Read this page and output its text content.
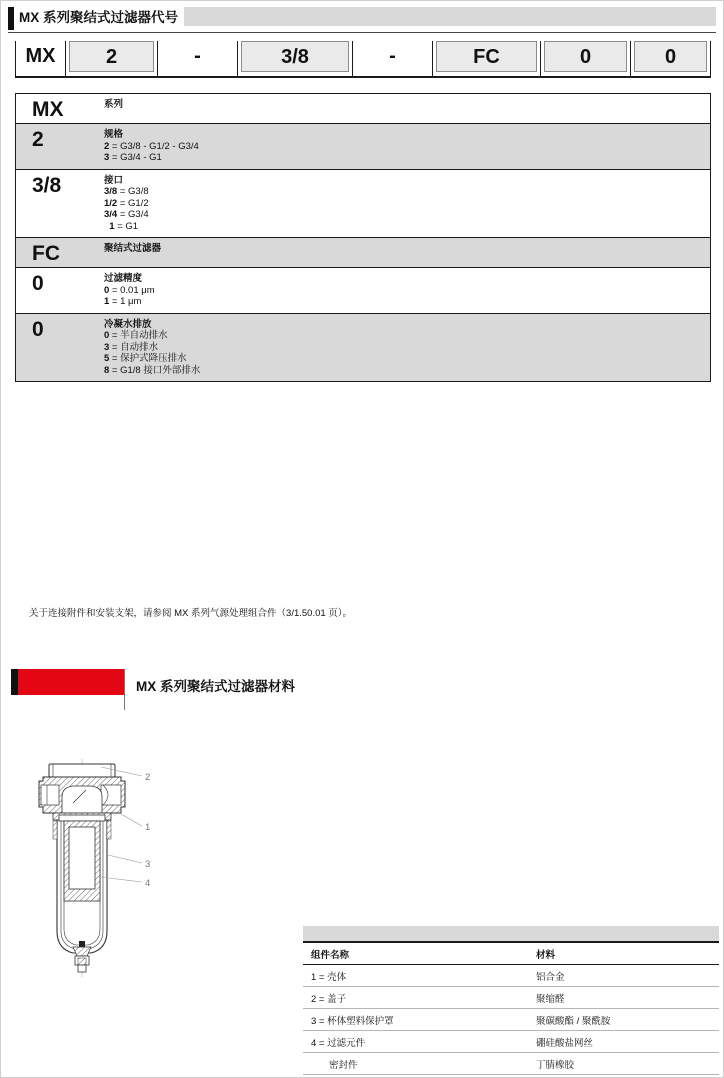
MX 系列聚结式过滤器代号
MX	2	-	3/8	-	FC	0	0
MX	系列
2	规格
2 = G3/8 - G1/2 - G3/4
3 = G3/4 - G1
3/8	接口
3/8 = G3/8
1/2 = G1/2
3/4 = G3/4
1 = G1
FC	聚结式过滤器
0	过滤精度
0 = 0.01 μm
1 = 1 μm
0	冷凝水排放
0 = 半自动排水
3 = 自动排水
5 = 保护式降压排水
8 = G1/8 接口外部排水
关于连接附件和安装支架，请参阅 MX 系列气源处理组合件（3/1.50.01 页）。
MX 系列聚结式过滤器材料
2
1
3
4
组件名称	材料
1 = 壳体	铝合金
2 = 盖子	聚缩醛
3 = 杯体塑料保护罩	聚碳酸酯 / 聚酰胺
4 = 过滤元件	硼硅酸盐网丝
密封件	丁腈橡胶
